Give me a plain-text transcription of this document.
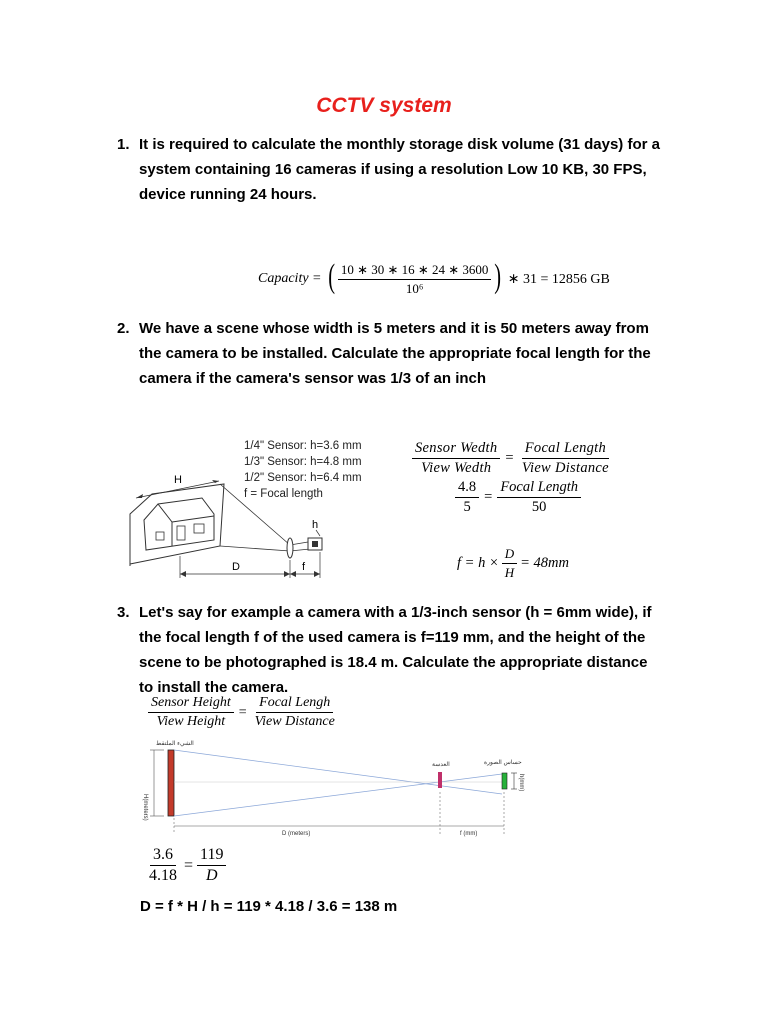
CCTV system
1. It is required to calculate the monthly storage disk volume (31 days) for a
system containing 16 cameras if using a resolution Low 10 KB, 30 FPS,
device running 24 hours.
Capacity = ( $\frac{10 ∗ 30 ∗ 16 ∗ 24 ∗ 3600}{\text{10⁶}}$ ) ∗ 31 = 12856 GB
2. We have a scene whose width is 5 meters and it is 50 meters away from
the camera to be installed. Calculate the appropriate focal length for the
camera if the camera's sensor was 1/3 of an inch
1/4" Sensor: h=3.6 mm
1/3" Sensor: h=4.8 mm
1/2" Sensor: h=6.4 mm
f = Focal length
H
h
D	f
$\frac{\text{Sensor Wedth}}{\text{View Wedth}} = \frac{\text{Focal Length}}{\text{View Distance}}$
$\frac{4.8}{5} = \frac{\text{Focal Length}}{50}$
$f = h \times \frac{D}{H} = 48mm$
3. Let's say for example a camera with a 1/3-inch sensor (h = 6mm wide), if
the focal length f of the used camera is f=119 mm, and the height of the
scene to be photographed is 18.4 m. Calculate the appropriate distance
to install the camera.
$\frac{\text{Sensor Height}}{\text{View Height}} = \frac{\text{Focal Lengh}}{\text{View Distance}}$
الشيء الملتقط
H(meters)
العدسة	حساس الصورة
h(mm)
D (meters)	f (mm)
$\frac{3.6}{4.18} = \frac{119}{D}$
D = f * H / h = 119 * 4.18 / 3.6 = 138 m
